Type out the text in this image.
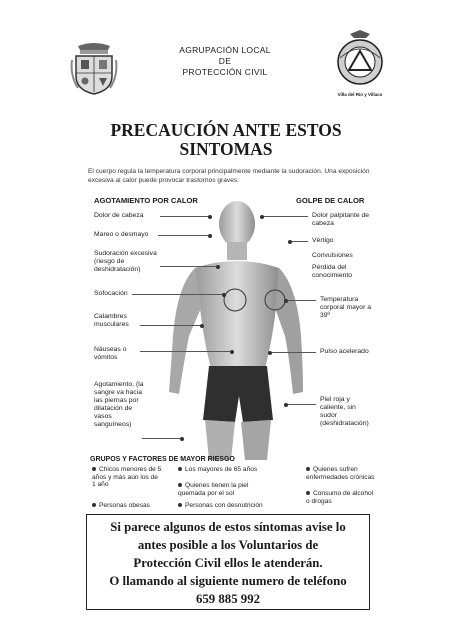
AGRUPACIÓN LOCAL
DE
PROTECCIÓN CIVIL
Villa del Río y Villaco
PRECAUCIÓN ANTE ESTOS
SINTOMAS
El cuerpo regula la temperatura corporal principalmente mediante la sudoración. Una exposición excesiva al calor puede provocar trastornos graves:
AGOTAMIENTO POR CALOR
Dolor de cabeza
Mareo o desmayo
Sudoración excesiva (riesgo de deshidratación)
Sofocación
Calambres musculares
Náuseas o vómitos
Agotamiento, (la sangre va hacia las piernas por dilatación de vasos sanguíneos)
GOLPE DE CALOR
Dolor palpitante de cabeza
Vértigo
Convulsiones
Pérdida del conocimiento
Temperatura corporal mayor a 39º
Pulso acelerado
Piel roja y caliente, sin sudor (deshidratación)
GRUPOS Y FACTORES DE MAYOR RIESGO
Chicos menores de 5 años y más aún los de 1 año
Personas obesas
Los mayores de 65 años
Quienes tienen la piel quemada por el sol
Personas con desnutrición
Quienes sufren enfermedades crónicas
Consumo de alcohol o drogas

Si parece algunos de estos síntomas avise lo

antes posible a los Voluntarios de

Protección Civil ellos le atenderán.

O llamando al siguiente numero de teléfono

659 885 992
